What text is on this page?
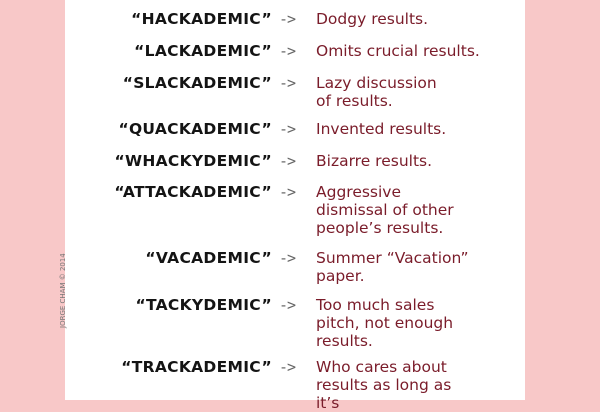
“HACKADEMIC” -> Dodgy results.
“LACKADEMIC” -> Omits crucial results.
“SLACKADEMIC” -> Lazy discussion
of results.
“QUACKADEMIC” -> Invented results.
“WHACKYDEMIC” -> Bizarre results.
“ATTACKADEMIC” -> Aggressive
dismissal of other
people’s results.
“VACADEMIC” -> Summer “Vacation”
paper.
“TACKYDEMIC” -> Too much sales
pitch, not enough
results.
“TRACKADEMIC” -> Who cares about
results as long as
it’s
JORGE CHAM © 2014
